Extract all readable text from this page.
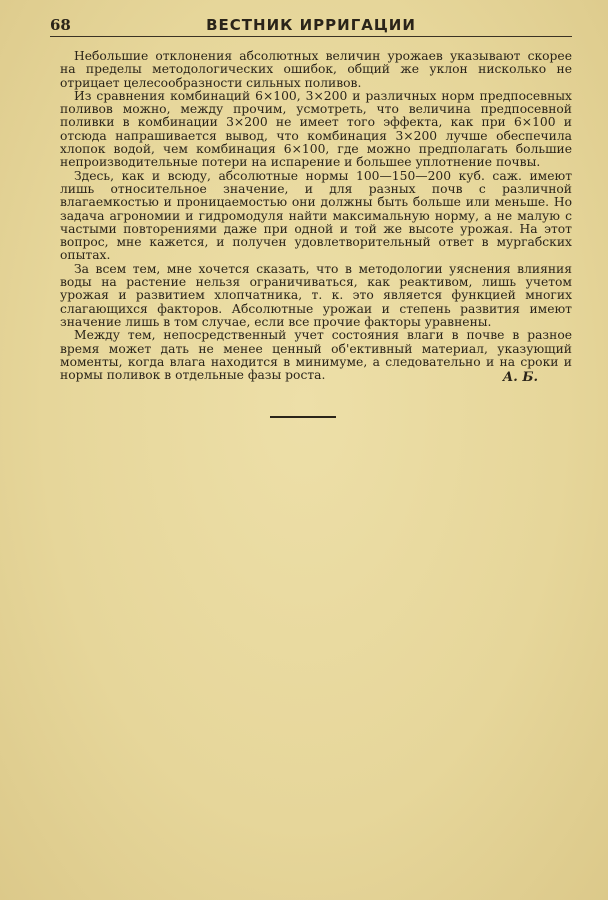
68	ВЕСТНИК ИРРИГАЦИИ

Небольшие отклонения абсолютных величин урожаев указывают скорее на пределы методологических ошибок, общий же уклон нисколько не отрицает целесообразности сильных поливов.

Из сравнения комбинаций 6×100, 3×200 и различных норм предпосевных поливов можно, между прочим, усмотреть, что величина предпосевной поливки в комбинации 3×200 не имеет того эффекта, как при 6×100 и отсюда напрашивается вывод, что комбинация 3×200 лучше обеспечила хлопок водой, чем комбинация 6×100, где можно предполагать большие непроизводительные потери на испарение и большее уплотнение почвы.

Здесь, как и всюду, абсолютные нормы 100—150—200 куб. саж. имеют лишь относительное значение, и для разных почв с различной влагаемкостью и проницаемостью они должны быть больше или меньше. Но задача агрономии и гидромодуля найти максимальную норму, а не малую с частыми повторениями даже при одной и той же высоте урожая. На этот вопрос, мне кажется, и получен удовлетворительный ответ в мургабских опытах.

За всем тем, мне хочется сказать, что в методологии уяснения влияния воды на растение нельзя ограничиваться, как реактивом, лишь учетом урожая и развитием хлопчатника, т. к. это является функцией многих слагающихся факторов. Абсолютные урожаи и степень развития имеют значение лишь в том случае, если все прочие факторы уравнены.

Между тем, непосредственный учет состояния влаги в почве в разное время может дать не менее ценный об'ективный материал, указующий моменты, когда влага находится в минимуме, а следовательно и на сроки и нормы поливок в отдельные фазы роста.	А. Б.
